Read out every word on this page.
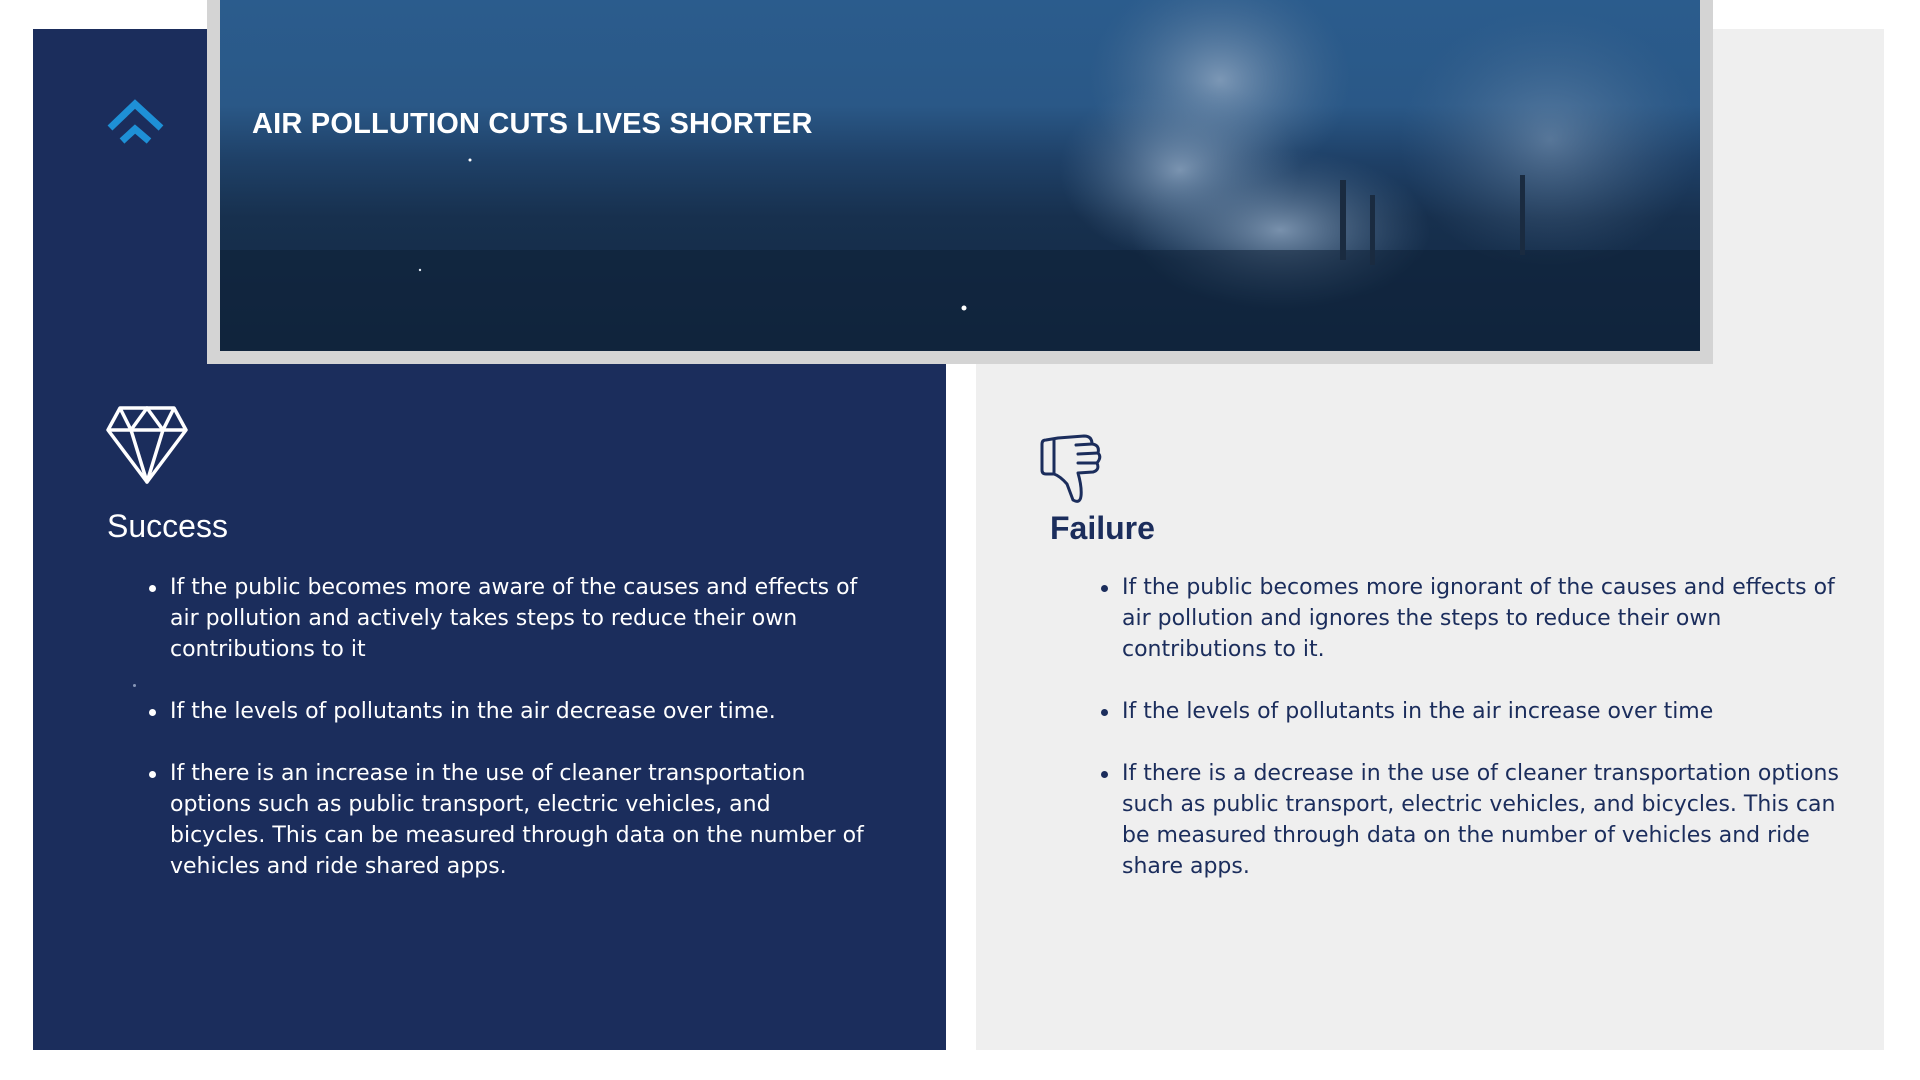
AIR POLLUTION CUTS LIVES SHORTER
Success	Failure
If the public becomes more aware of the causes and effects of air pollution and actively takes steps to reduce their own contributions to it
If the levels of pollutants in the air decrease over time.
If there is an increase in the use of cleaner transportation options such as public transport, electric vehicles, and bicycles. This can be measured through data on the number of vehicles and ride shared apps.
If the public becomes more ignorant of the causes and effects of air pollution and ignores the steps to reduce their own contributions to it.
If the levels of pollutants in the air increase over time
If there is a decrease in the use of cleaner transportation options such as public transport, electric vehicles, and bicycles. This can be measured through data on the number of vehicles and ride share apps.
